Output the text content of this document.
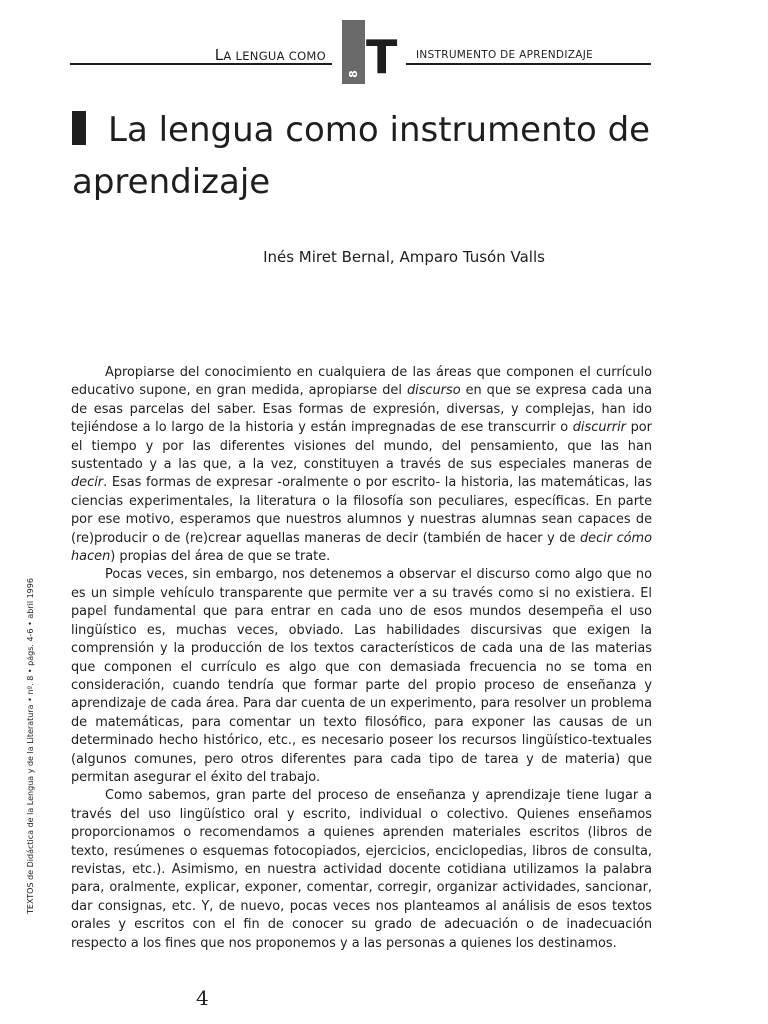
LA LENGUA COMO
8 T	INSTRUMENTO DE APRENDIZAJE
La lengua como instrumento de aprendizaje
Inés Miret Bernal, Amparo Tusón Valls

Apropiarse del conocimiento en cualquiera de las áreas que componen el currículo educativo supone, en gran medida, apropiarse del discurso en que se expresa cada una de esas parcelas del saber. Esas formas de expresión, diversas, y complejas, han ido tejiéndose a lo largo de la historia y están impregnadas de ese transcurrir o discurrir por el tiempo y por las diferentes visiones del mundo, del pensamiento, que las han sustentado y a las que, a la vez, constituyen a través de sus especiales maneras de decir. Esas formas de expresar -oralmente o por escrito- la historia, las matemáticas, las ciencias experimentales, la literatura o la filosofía son peculiares, específicas. En parte por ese motivo, esperamos que nuestros alumnos y nuestras alumnas sean capaces de (re)producir o de (re)crear aquellas maneras de decir (también de hacer y de decir cómo hacen) propias del área de que se trate.

Pocas veces, sin embargo, nos detenemos a observar el discurso como algo que no es un simple vehículo transparente que permite ver a su través como si no existiera. El papel fundamental que para entrar en cada uno de esos mundos desempeña el uso lingüístico es, muchas veces, obviado. Las habilidades discursivas que exigen la comprensión y la producción de los textos característicos de cada una de las materias que componen el currículo es algo que con demasiada frecuencia no se toma en consideración, cuando tendría que formar parte del propio proceso de enseñanza y aprendizaje de cada área. Para dar cuenta de un experimento, para resolver un problema de matemáticas, para comentar un texto filosófico, para exponer las causas de un determinado hecho histórico, etc., es necesario poseer los recursos lingüístico-textuales (algunos comunes, pero otros diferentes para cada tipo de tarea y de materia) que permitan asegurar el éxito del trabajo.

Como sabemos, gran parte del proceso de enseñanza y aprendizaje tiene lugar a través del uso lingüístico oral y escrito, individual o colectivo. Quienes enseñamos proporcionamos o recomendamos a quienes aprenden materiales escritos (libros de texto, resúmenes o esquemas fotocopiados, ejercicios, enciclopedias, libros de consulta, revistas, etc.). Asimismo, en nuestra actividad docente cotidiana utilizamos la palabra para, oralmente, explicar, exponer, comentar, corregir, organizar actividades, sancionar, dar consignas, etc. Y, de nuevo, pocas veces nos planteamos al análisis de esos textos orales y escritos con el fin de conocer su grado de adecuación o de inadecuación respecto a los fines que nos proponemos y a las personas a quienes los destinamos.

TEXTOS de Didáctica de la Lengua y de la Literatura • nº. 8 • págs. 4-6 • abril 1996
4
